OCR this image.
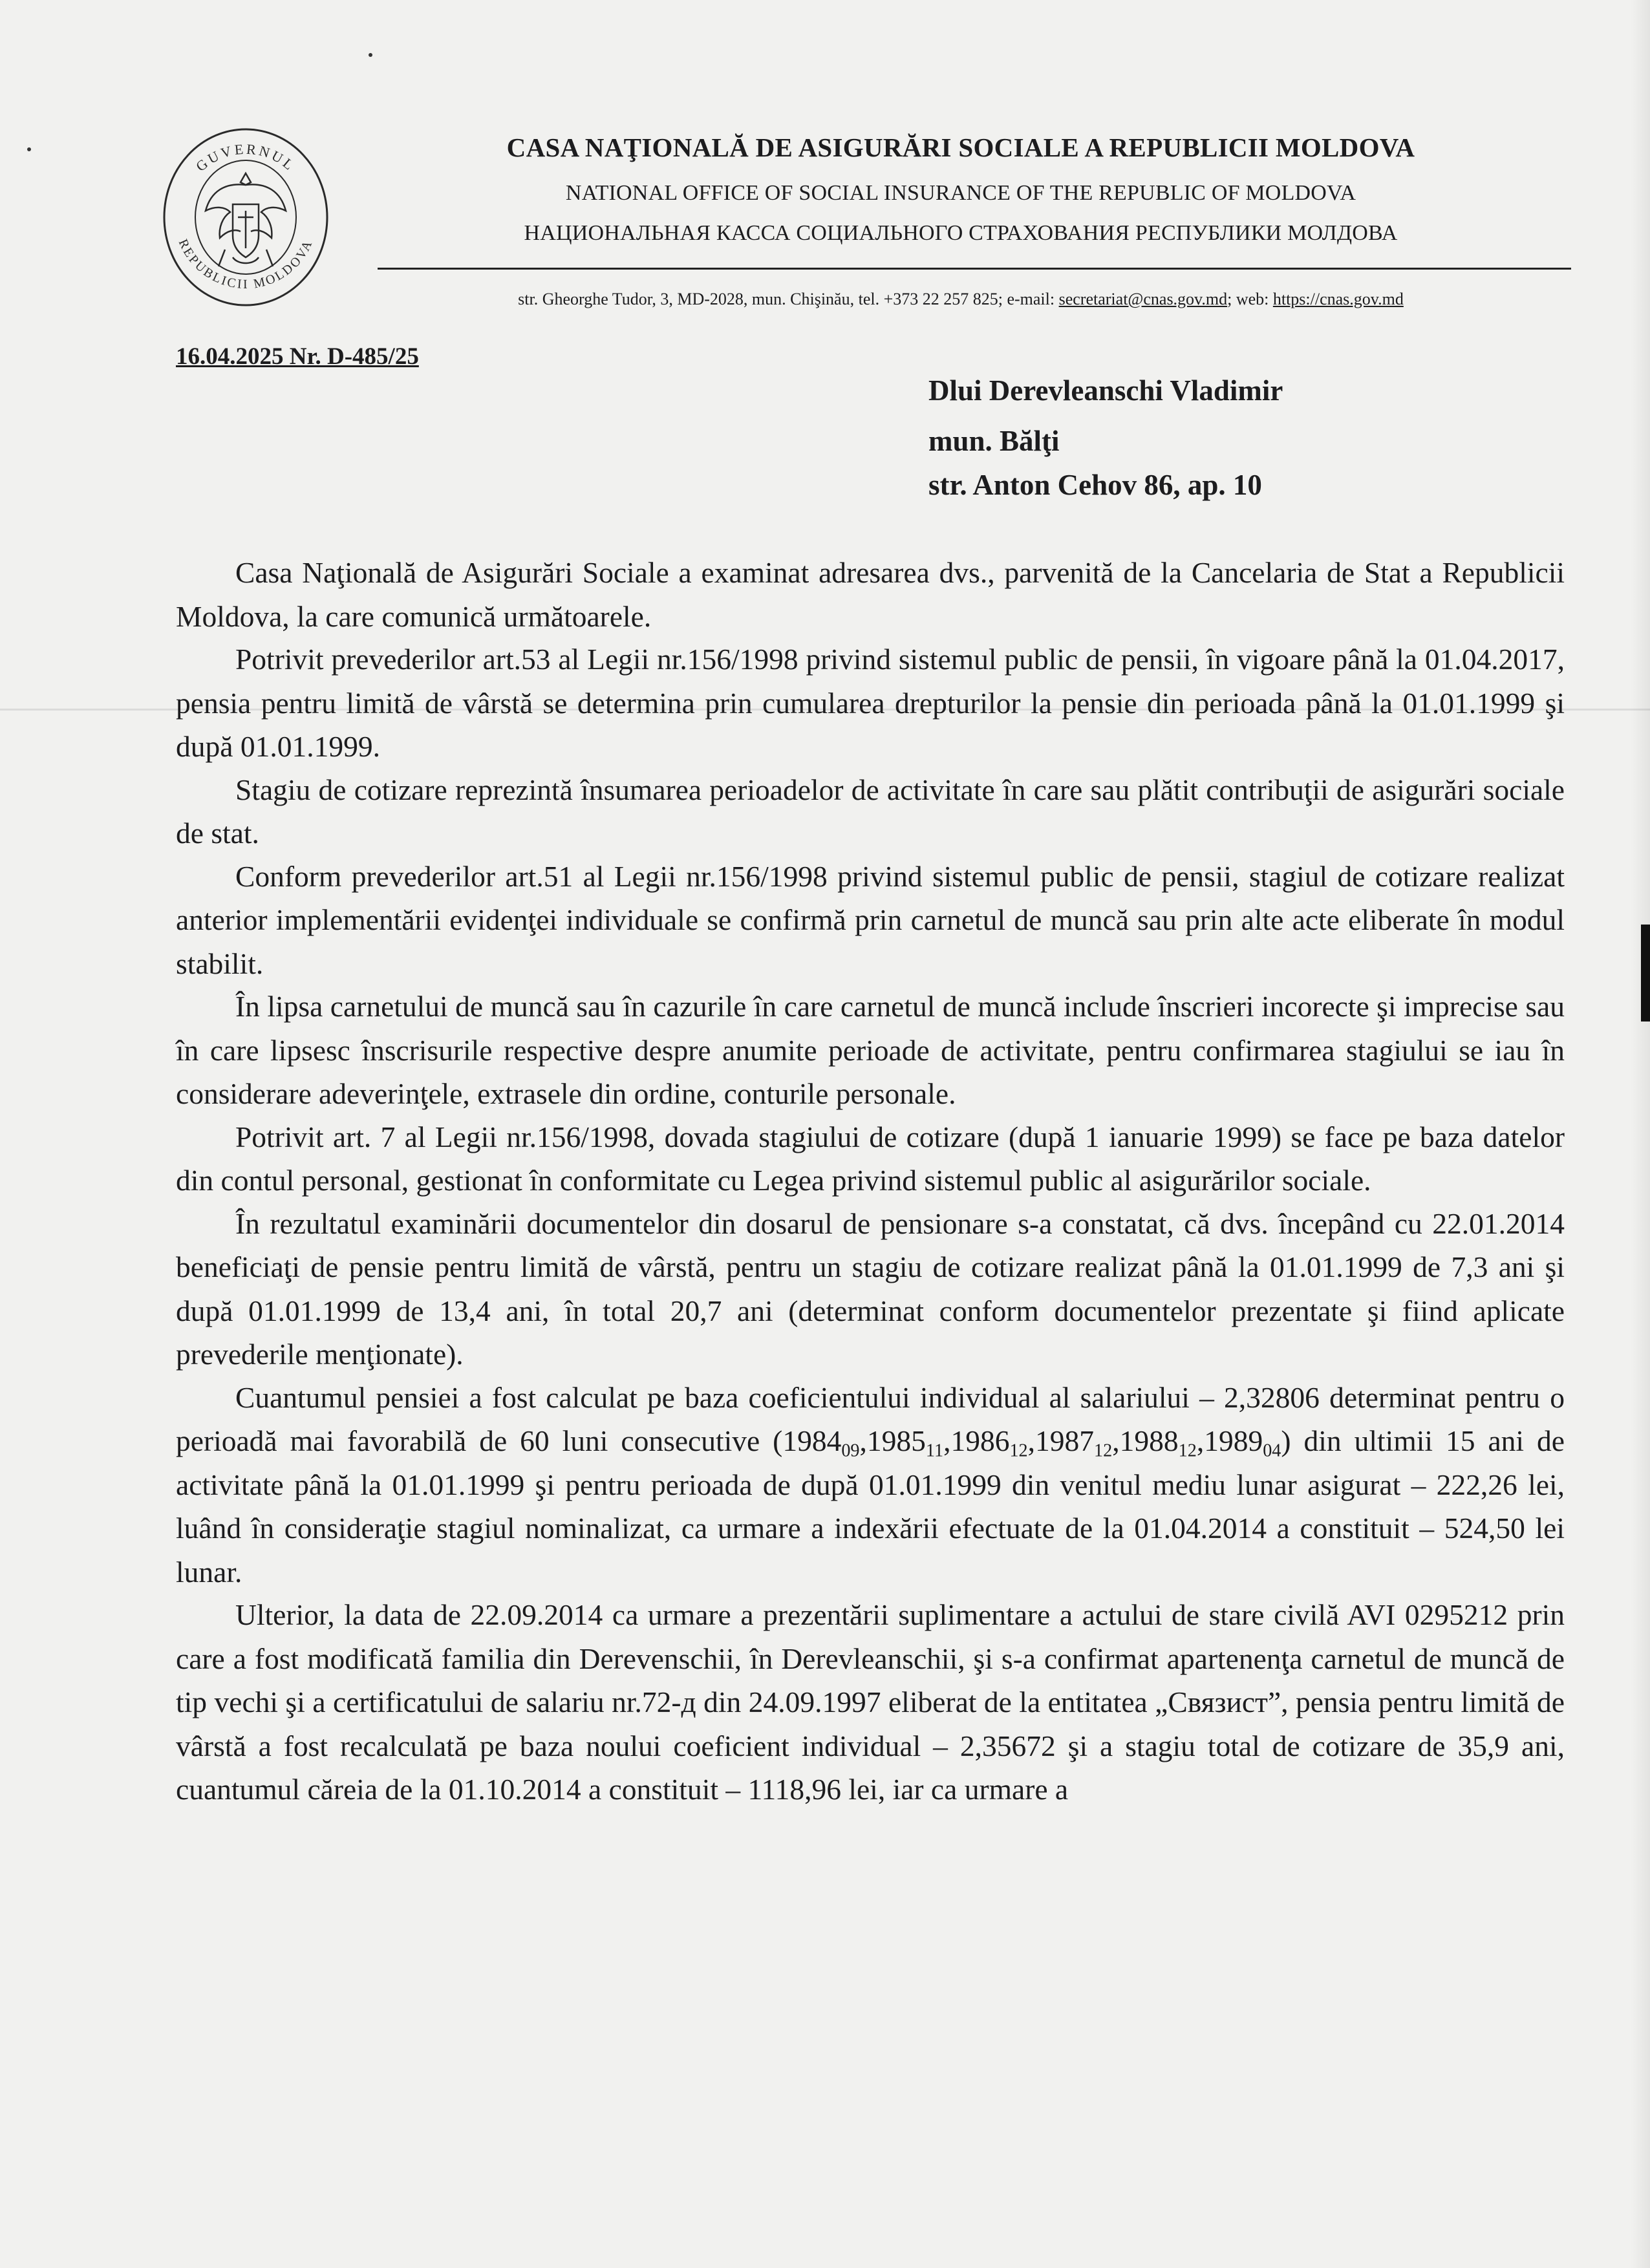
GUVERNUL
REPUBLICII MOLDOVA
CASA NAŢIONALĂ DE ASIGURĂRI SOCIALE A REPUBLICII MOLDOVA
NATIONAL OFFICE OF SOCIAL INSURANCE OF THE REPUBLIC OF MOLDOVA
НАЦИОНАЛЬНАЯ КАССА СОЦИАЛЬНОГО СТРАХОВАНИЯ РЕСПУБЛИКИ МОЛДОВА
str. Gheorghe Tudor, 3, MD-2028, mun. Chişinău, tel. +373 22 257 825; e-mail: secretariat@cnas.gov.md; web: https://cnas.gov.md
16.04.2025 Nr. D-485/25
Dlui Derevleanschi Vladimir
mun. Bălţi
str. Anton Cehov 86, ap. 10

Casa Naţională de Asigurări Sociale a examinat adresarea dvs., parvenită de la Cancelaria de Stat a Republicii Moldova, la care comunică următoarele.

Potrivit prevederilor art.53 al Legii nr.156/1998 privind sistemul public de pensii, în vigoare până la 01.04.2017, pensia pentru limită de vârstă se determina prin cumularea drepturilor la pensie din perioada până la 01.01.1999 şi după 01.01.1999.

Stagiu de cotizare reprezintă însumarea perioadelor de activitate în care sau plătit contribuţii de asigurări sociale de stat.

Conform prevederilor art.51 al Legii nr.156/1998 privind sistemul public de pensii, stagiul de cotizare realizat anterior implementării evidenţei individuale se confirmă prin carnetul de muncă sau prin alte acte eliberate în modul stabilit.

În lipsa carnetului de muncă sau în cazurile în care carnetul de muncă include înscrieri incorecte şi imprecise sau în care lipsesc înscrisurile respective despre anumite perioade de activitate, pentru confirmarea stagiului se iau în considerare adeverinţele, extrasele din ordine, conturile personale.

Potrivit art. 7 al Legii nr.156/1998, dovada stagiului de cotizare (după 1 ianuarie 1999) se face pe baza datelor din contul personal, gestionat în conformitate cu Legea privind sistemul public al asigurărilor sociale.

În rezultatul examinării documentelor din dosarul de pensionare s-a constatat, că dvs. începând cu 22.01.2014 beneficiaţi de pensie pentru limită de vârstă, pentru un stagiu de cotizare realizat până la 01.01.1999 de 7,3 ani şi după 01.01.1999 de 13,4 ani, în total 20,7 ani (determinat conform documentelor prezentate şi fiind aplicate prevederile menţionate).

Cuantumul pensiei a fost calculat pe baza coeficientului individual al salariului – 2,32806 determinat pentru o perioadă mai favorabilă de 60 luni consecutive $(1984_{09},1985_{11},1986_{12},1987_{12},1988_{12},1989_{04})$ din ultimii 15 ani de activitate până la 01.01.1999 şi pentru perioada de după 01.01.1999 din venitul mediu lunar asigurat – 222,26 lei, luând în consideraţie stagiul nominalizat, ca urmare a indexării efectuate de la 01.04.2014 a constituit – 524,50 lei lunar.

Ulterior, la data de 22.09.2014 ca urmare a prezentării suplimentare a actului de stare civilă AVI 0295212 prin care a fost modificată familia din Derevenschii, în Derevleanschii, şi s-a confirmat apartenenţa carnetul de muncă de tip vechi şi a certificatului de salariu nr.72-д din 24.09.1997 eliberat de la entitatea „Связист”, pensia pentru limită de vârstă a fost recalculată pe baza noului coeficient individual – 2,35672 şi a stagiu total de cotizare de 35,9 ani, cuantumul căreia de la 01.10.2014 a constituit – 1118,96 lei, iar ca urmare a
